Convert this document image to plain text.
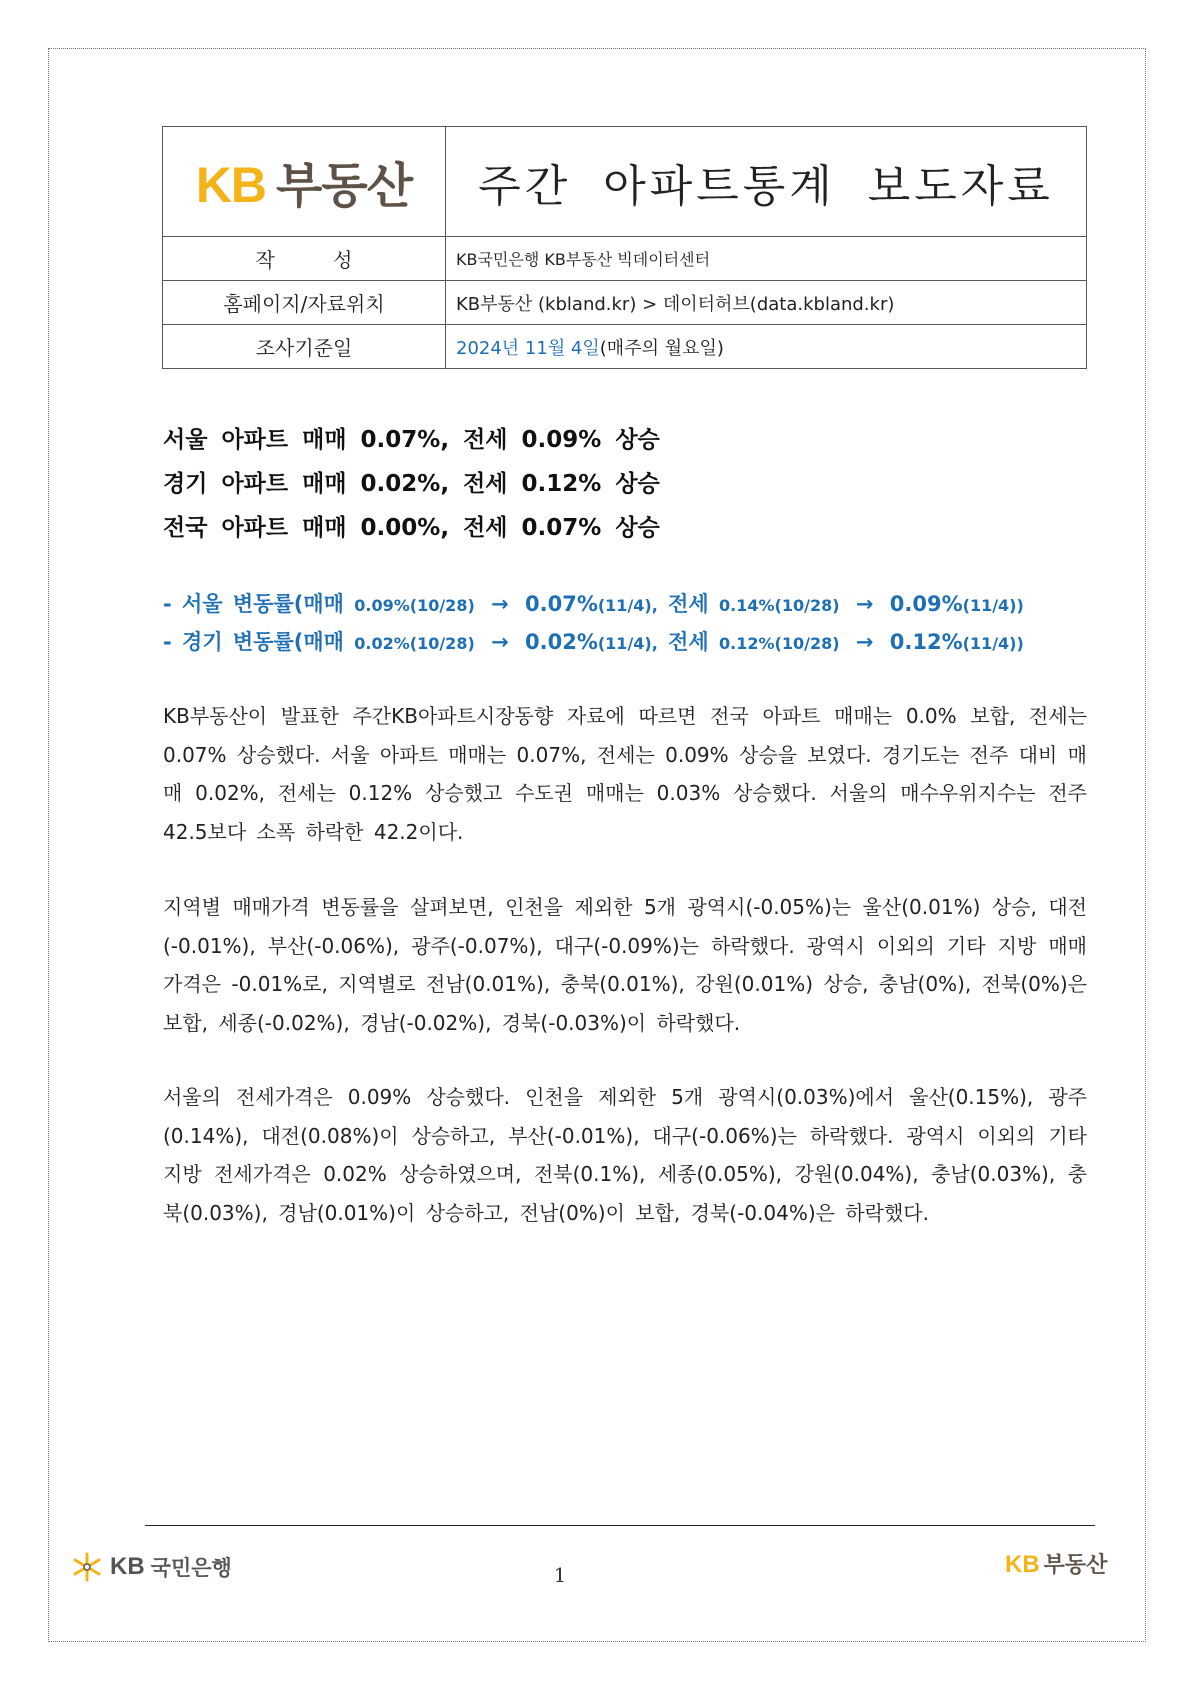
KB 부동산	주간 아파트통계 보도자료
작 성	KB국민은행 KB부동산 빅데이터센터
홈페이지/자료위치	KB부동산 (kbland.kr) > 데이터허브(data.kbland.kr)
조사기준일	2024년 11월 4일(매주의 월요일)
서울 아파트 매매 0.07%, 전세 0.09% 상승
경기 아파트 매매 0.02%, 전세 0.12% 상승
전국 아파트 매매 0.00%, 전세 0.07% 상승
- 서울 변동률(매매 0.09%(10/28) → 0.07%(11/4), 전세 0.14%(10/28) → 0.09%(11/4))
- 경기 변동률(매매 0.02%(10/28) → 0.02%(11/4), 전세 0.12%(10/28) → 0.12%(11/4))

KB부동산이 발표한 주간KB아파트시장동향 자료에 따르면 전국 아파트 매매는 0.0% 보합, 전세는 0.07% 상승했다. 서울 아파트 매매는 0.07%, 전세는 0.09% 상승을 보였다. 경기도는 전주 대비 매매 0.02%, 전세는 0.12% 상승했고 수도권 매매는 0.03% 상승했다. 서울의 매수우위지수는 전주 42.5보다 소폭 하락한 42.2이다.

지역별 매매가격 변동률을 살펴보면, 인천을 제외한 5개 광역시(-0.05%)는 울산(0.01%) 상승, 대전(-0.01%), 부산(-0.06%), 광주(-0.07%), 대구(-0.09%)는 하락했다. 광역시 이외의 기타 지방 매매가격은 -0.01%로, 지역별로 전남(0.01%), 충북(0.01%), 강원(0.01%) 상승, 충남(0%), 전북(0%)은 보합, 세종(-0.02%), 경남(-0.02%), 경북(-0.03%)이 하락했다.

서울의 전세가격은 0.09% 상승했다. 인천을 제외한 5개 광역시(0.03%)에서 울산(0.15%), 광주(0.14%), 대전(0.08%)이 상승하고, 부산(-0.01%), 대구(-0.06%)는 하락했다. 광역시 이외의 기타 지방 전세가격은 0.02% 상승하였으며, 전북(0.1%), 세종(0.05%), 강원(0.04%), 충남(0.03%), 충북(0.03%), 경남(0.01%)이 상승하고, 전남(0%)이 보합, 경북(-0.04%)은 하락했다.

KB 국민은행	1	KB 부동산
